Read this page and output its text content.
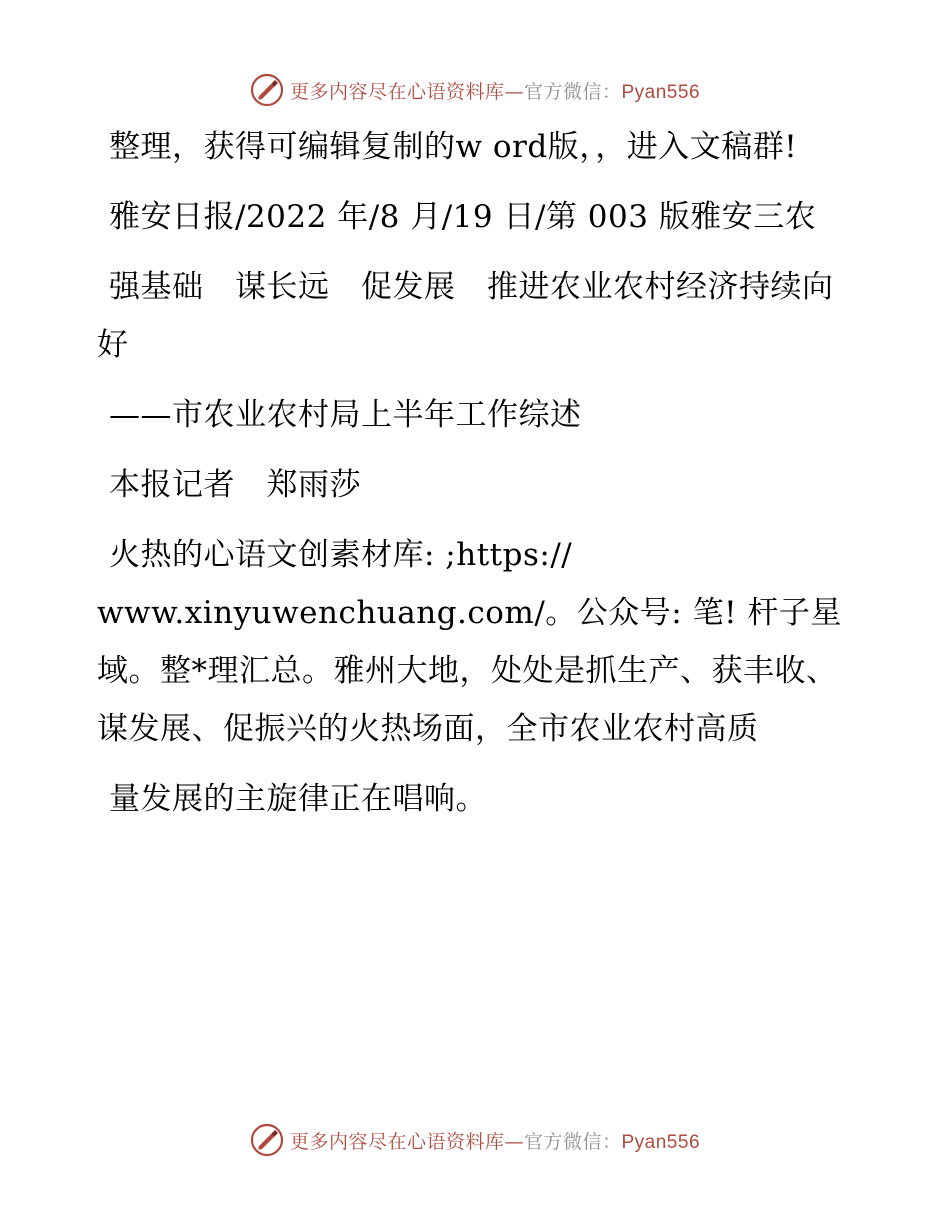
更多内容尽在心语资料库—官方微信：Pyan556

整理，获得可编辑复制的w ord版，，进入文稿群!

雅安日报/2022 年/8 月/19 日/第 003 版雅安三农

强基础　谋长远　促发展　推进农业农村经济持续向好

——市农业农村局上半年工作综述

本报记者　郑雨莎

火热的心语文创素材库: ;https:// www.xinyuwenchuang.com/。公众号: 笔! 杆子星域。整*理汇总。雅州大地，处处是抓生产、获丰收、谋发展、促振兴的火热场面，全市农业农村高质

量发展的主旋律正在唱响。

更多内容尽在心语资料库—官方微信：Pyan556
